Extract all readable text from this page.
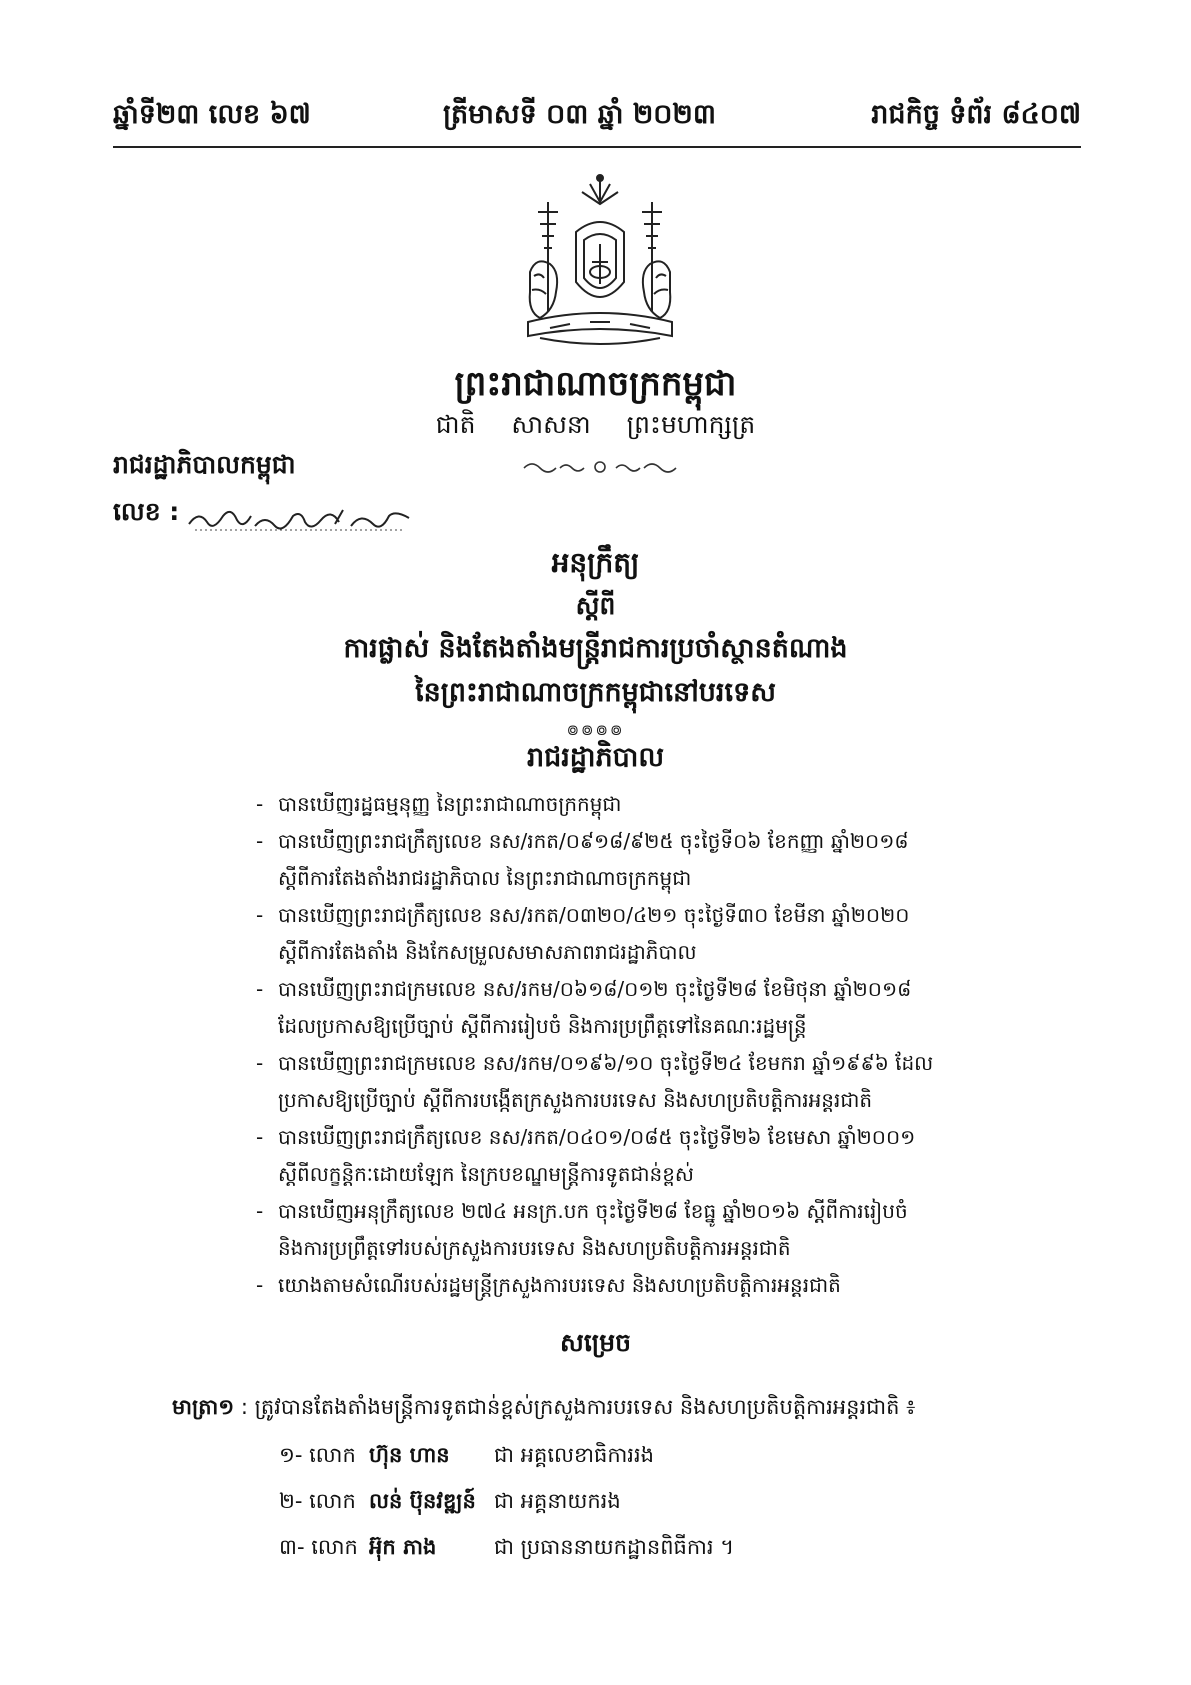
ឆ្នាំទី២៣ លេខ ៦៧	ត្រីមាសទី ០៣ ឆ្នាំ ២០២៣	រាជកិច្ច ទំព័រ ៨៤០៧
ព្រះរាជាណាចក្រកម្ពុជា
ជាតិ សាសនា ព្រះមហាក្សត្រ
រាជរដ្ឋាភិបាលកម្ពុជា
លេខ :
អនុក្រឹត្យ
ស្តីពី
ការផ្លាស់ និងតែងតាំងមន្ត្រីរាជការប្រចាំស្ថានតំណាង
នៃព្រះរាជាណាចក្រកម្ពុជានៅបរទេស
៙៙៙៙
រាជរដ្ឋាភិបាល
- បានឃើញរដ្ឋធម្មនុញ្ញ នៃព្រះរាជាណាចក្រកម្ពុជា
- បានឃើញព្រះរាជក្រឹត្យលេខ នស/រកត/០៩១៨/៩២៥ ចុះថ្ងៃទី០៦ ខែកញ្ញា ឆ្នាំ២០១៨
ស្តីពីការតែងតាំងរាជរដ្ឋាភិបាល នៃព្រះរាជាណាចក្រកម្ពុជា
- បានឃើញព្រះរាជក្រឹត្យលេខ នស/រកត/០៣២០/៤២១ ចុះថ្ងៃទី៣០ ខែមីនា ឆ្នាំ២០២០
ស្តីពីការតែងតាំង និងកែសម្រួលសមាសភាពរាជរដ្ឋាភិបាល
- បានឃើញព្រះរាជក្រមលេខ នស/រកម/០៦១៨/០១២ ចុះថ្ងៃទី២៨ ខែមិថុនា ឆ្នាំ២០១៨
ដែលប្រកាសឱ្យប្រើច្បាប់ ស្តីពីការរៀបចំ និងការប្រព្រឹត្តទៅនៃគណៈរដ្ឋមន្ត្រី
- បានឃើញព្រះរាជក្រមលេខ នស/រកម/០១៩៦/១០ ចុះថ្ងៃទី២៤ ខែមករា ឆ្នាំ១៩៩៦ ដែល
ប្រកាសឱ្យប្រើច្បាប់ ស្តីពីការបង្កើតក្រសួងការបរទេស និងសហប្រតិបត្តិការអន្តរជាតិ
- បានឃើញព្រះរាជក្រឹត្យលេខ នស/រកត/០៤០១/០៨៥ ចុះថ្ងៃទី២៦ ខែមេសា ឆ្នាំ២០០១
ស្តីពីលក្ខន្តិកៈដោយឡែក នៃក្របខណ្ឌមន្ត្រីការទូតជាន់ខ្ពស់
- បានឃើញអនុក្រឹត្យលេខ ២៧៤ អនក្រ.បក ចុះថ្ងៃទី២៨ ខែធ្នូ ឆ្នាំ២០១៦ ស្តីពីការរៀបចំ
និងការប្រព្រឹត្តទៅរបស់ក្រសួងការបរទេស និងសហប្រតិបត្តិការអន្តរជាតិ
- យោងតាមសំណើរបស់រដ្ឋមន្ត្រីក្រសួងការបរទេស និងសហប្រតិបត្តិការអន្តរជាតិ
សម្រេច
មាត្រា១ : ត្រូវបានតែងតាំងមន្ត្រីការទូតជាន់ខ្ពស់ក្រសួងការបរទេស និងសហប្រតិបត្តិការអន្តរជាតិ ៖
១- លោក ហ៊ុន ហាន ជា អគ្គលេខាធិការរង
២- លោក លន់ ប៊ុនវឌ្ឍន៍ ជា អគ្គនាយករង
៣- លោក អ៊ុក ភាង	ជា ប្រធាននាយកដ្ឋានពិធីការ ។
